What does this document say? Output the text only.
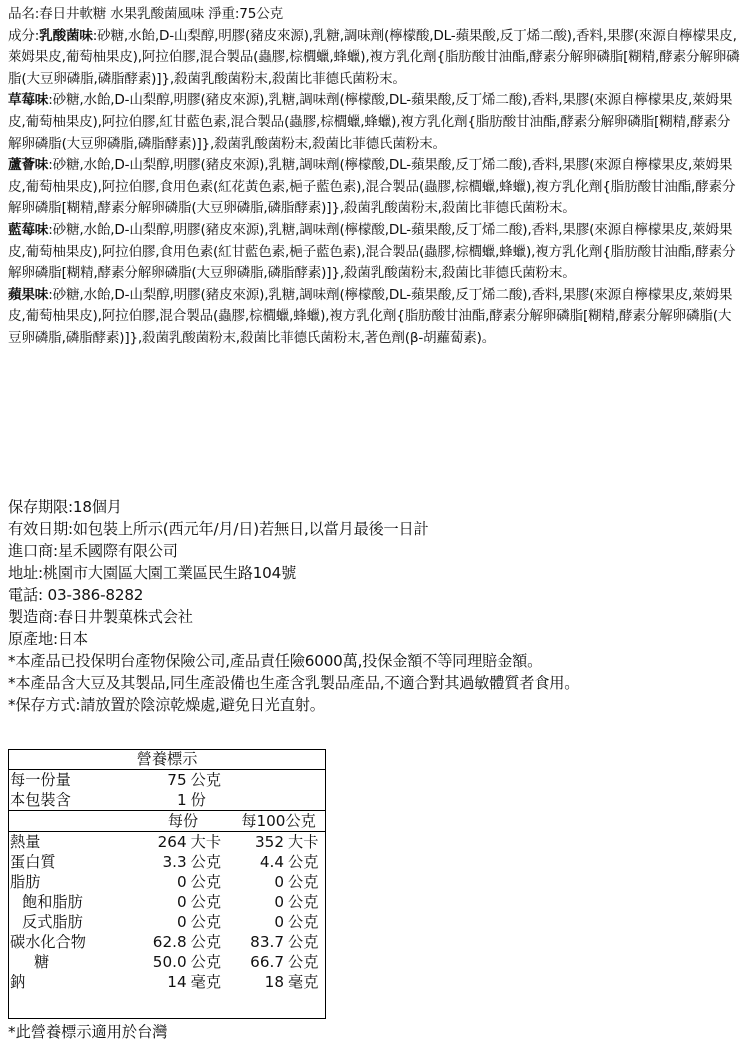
品名:春日井軟糖 水果乳酸菌風味 淨重:75公克

成分:乳酸菌味:砂糖,水飴,D-山梨醇,明膠(豬皮來源),乳糖,調味劑(檸檬酸,DL-蘋果酸,反丁烯二酸),香料,果膠(來源自檸檬果皮,萊姆果皮,葡萄柚果皮),阿拉伯膠,混合製品(蟲膠,棕櫚蠟,蜂蠟),複方乳化劑{脂肪酸甘油酯,酵素分解卵磷脂[糊精,酵素分解卵磷脂(大豆卵磷脂,磷脂酵素)]},殺菌乳酸菌粉末,殺菌比菲德氏菌粉末。

草莓味:砂糖,水飴,D-山梨醇,明膠(豬皮來源),乳糖,調味劑(檸檬酸,DL-蘋果酸,反丁烯二酸),香料,果膠(來源自檸檬果皮,萊姆果皮,葡萄柚果皮),阿拉伯膠,紅甘藍色素,混合製品(蟲膠,棕櫚蠟,蜂蠟),複方乳化劑{脂肪酸甘油酯,酵素分解卵磷脂[糊精,酵素分解卵磷脂(大豆卵磷脂,磷脂酵素)]},殺菌乳酸菌粉末,殺菌比菲德氏菌粉末。

蘆薈味:砂糖,水飴,D-山梨醇,明膠(豬皮來源),乳糖,調味劑(檸檬酸,DL-蘋果酸,反丁烯二酸),香料,果膠(來源自檸檬果皮,萊姆果皮,葡萄柚果皮),阿拉伯膠,食用色素(紅花黃色素,梔子藍色素),混合製品(蟲膠,棕櫚蠟,蜂蠟),複方乳化劑{脂肪酸甘油酯,酵素分解卵磷脂[糊精,酵素分解卵磷脂(大豆卵磷脂,磷脂酵素)]},殺菌乳酸菌粉末,殺菌比菲德氏菌粉末。

藍莓味:砂糖,水飴,D-山梨醇,明膠(豬皮來源),乳糖,調味劑(檸檬酸,DL-蘋果酸,反丁烯二酸),香料,果膠(來源自檸檬果皮,萊姆果皮,葡萄柚果皮),阿拉伯膠,食用色素(紅甘藍色素,梔子藍色素),混合製品(蟲膠,棕櫚蠟,蜂蠟),複方乳化劑{脂肪酸甘油酯,酵素分解卵磷脂[糊精,酵素分解卵磷脂(大豆卵磷脂,磷脂酵素)]},殺菌乳酸菌粉末,殺菌比菲德氏菌粉末。

蘋果味:砂糖,水飴,D-山梨醇,明膠(豬皮來源),乳糖,調味劑(檸檬酸,DL-蘋果酸,反丁烯二酸),香料,果膠(來源自檸檬果皮,萊姆果皮,葡萄柚果皮),阿拉伯膠,混合製品(蟲膠,棕櫚蠟,蜂蠟),複方乳化劑{脂肪酸甘油酯,酵素分解卵磷脂[糊精,酵素分解卵磷脂(大豆卵磷脂,磷脂酵素)]},殺菌乳酸菌粉末,殺菌比菲德氏菌粉末,著色劑(β-胡蘿蔔素)。

保存期限:18個月
有效日期:如包裝上所示(西元年/月/日)若無日,以當月最後一日計
進口商:星禾國際有限公司
地址:桃園市大園區大園工業區民生路104號
電話: 03-386-8282
製造商:春日井製菓株式会社
原產地:日本
*本產品已投保明台產物保險公司,產品責任險6000萬,投保金額不等同理賠金額。
*本產品含大豆及其製品,同生產設備也生產含乳製品產品,不適合對其過敏體質者食用。
*保存方式:請放置於陰涼乾燥處,避免日光直射。
營養標示				
每一份量	75	公克		
本包裝含	1	份		
	每份		每100公克	
熱量	264	大卡	352	大卡
蛋白質	3.3	公克	4.4	公克
脂肪	0	公克	0	公克
飽和脂肪	0	公克	0	公克
反式脂肪	0	公克	0	公克
碳水化合物	62.8	公克	83.7	公克
糖	50.0	公克	66.7	公克
鈉	14	毫克	18	毫克
*此營養標示適用於台灣
